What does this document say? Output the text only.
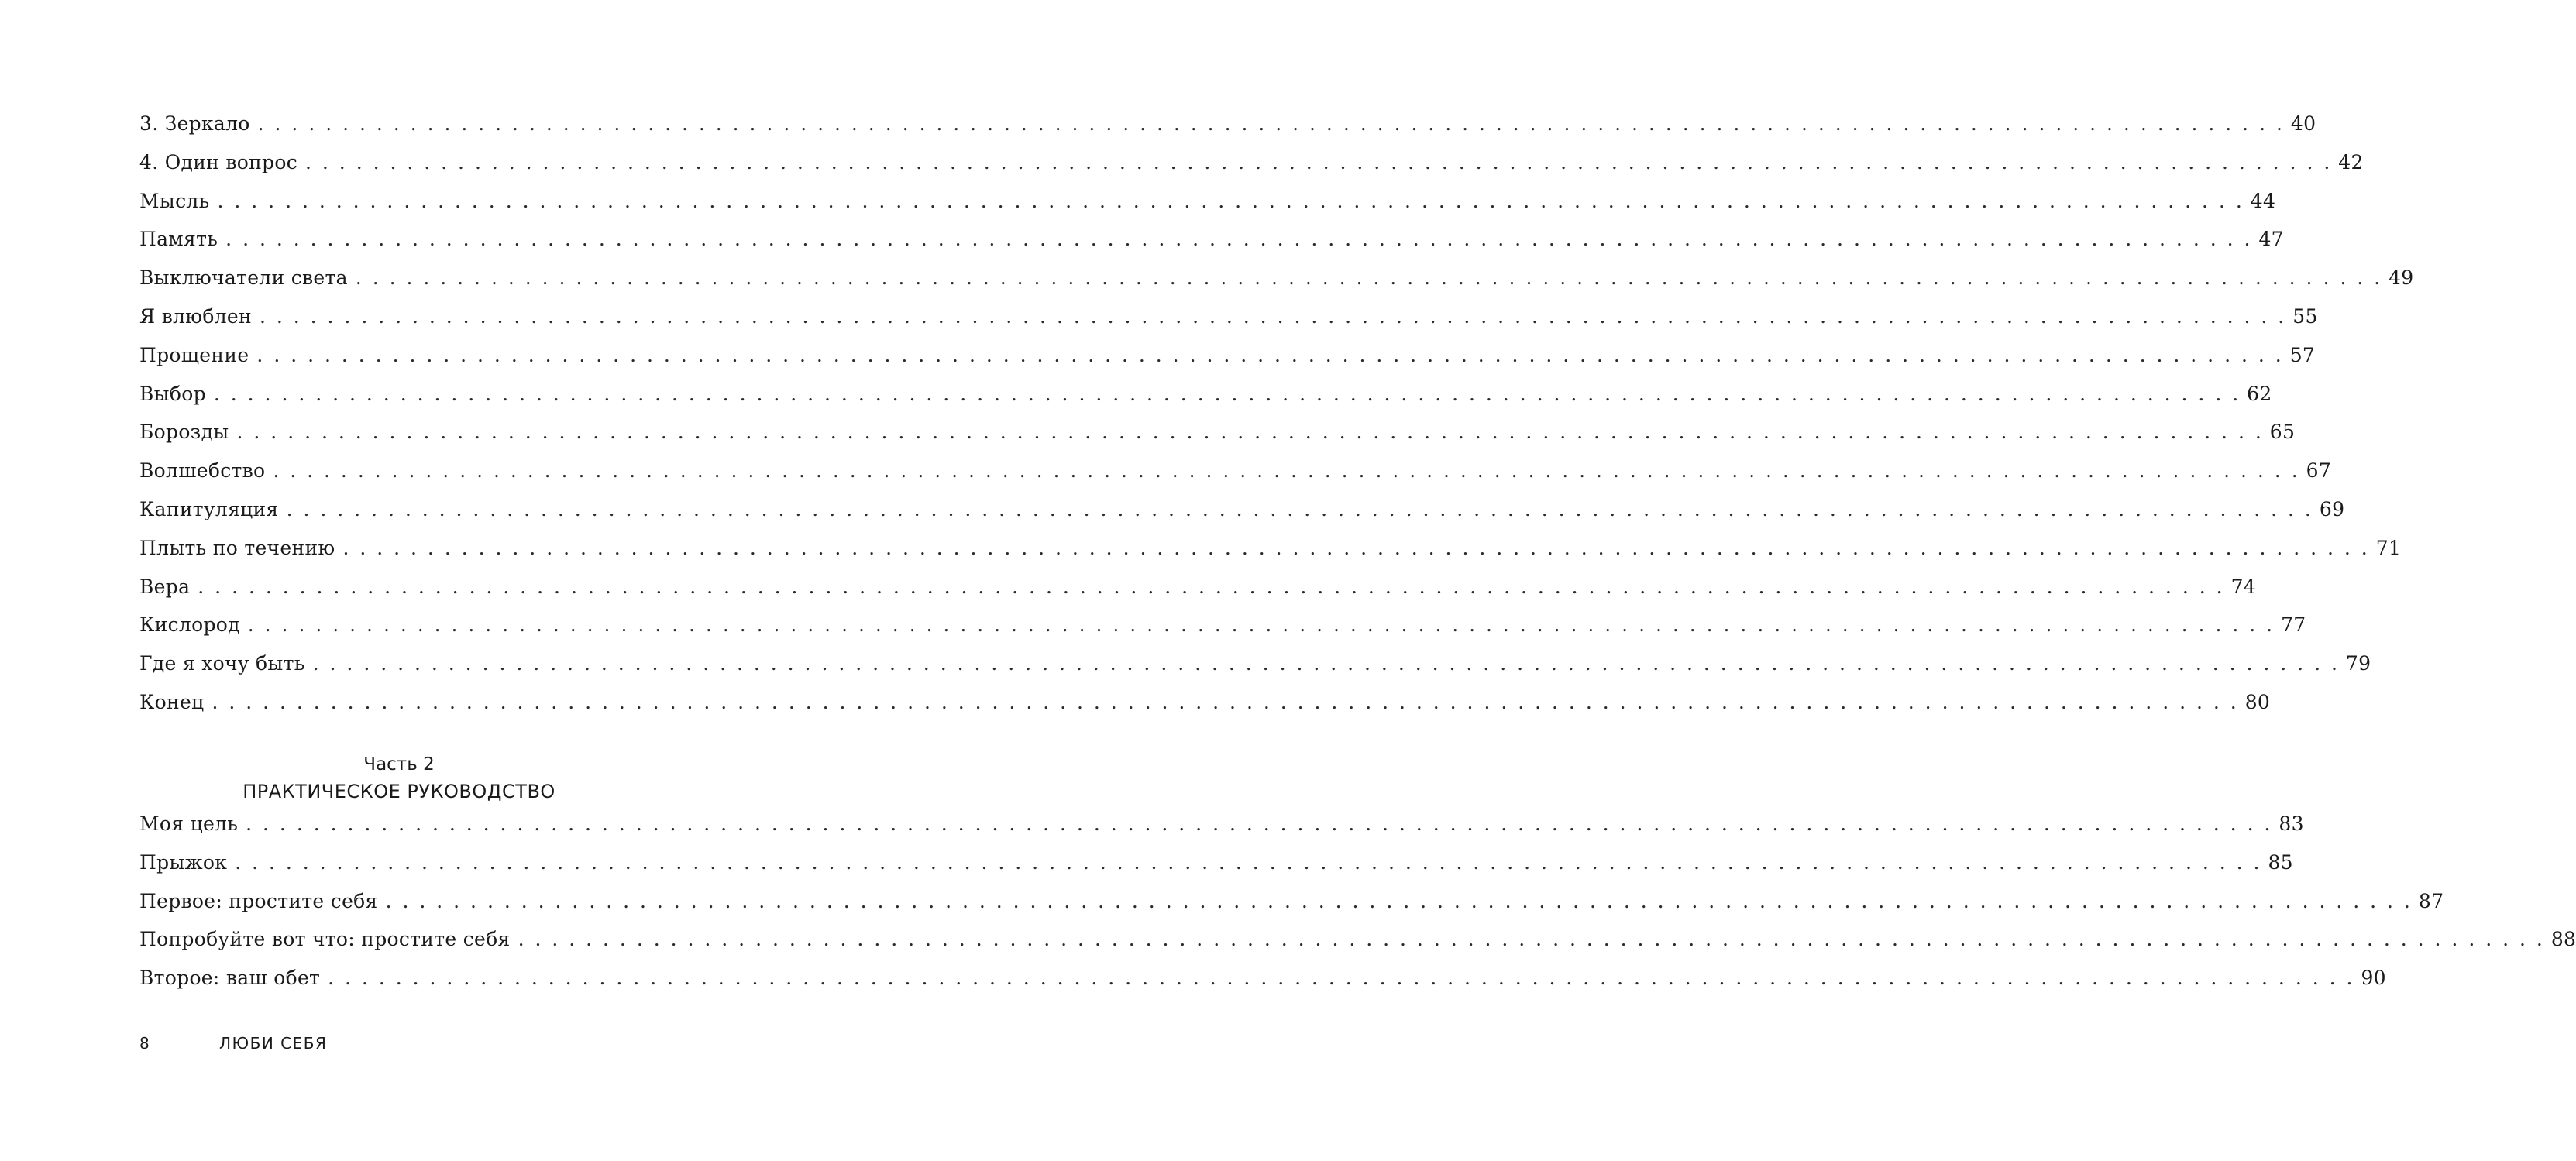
3. Зеркало . . . . . . . . . . . . . . . . . . . . . . . . . . . . . . . . . . . . . . . . . . . . . . . . . . . . . . . . . . . . . . . . . . . . . . . . . . . . . . . . . . . . . . . . . . . . . . . . . . . . . . . . . . . . . . . . . . . . . . . . 40
4. Один вопрос . . . . . . . . . . . . . . . . . . . . . . . . . . . . . . . . . . . . . . . . . . . . . . . . . . . . . . . . . . . . . . . . . . . . . . . . . . . . . . . . . . . . . . . . . . . . . . . . . . . . . . . . . . . . . . . . . . . . . . . . 42
Мысль . . . . . . . . . . . . . . . . . . . . . . . . . . . . . . . . . . . . . . . . . . . . . . . . . . . . . . . . . . . . . . . . . . . . . . . . . . . . . . . . . . . . . . . . . . . . . . . . . . . . . . . . . . . . . . . . . . . . . . . . 44
Память . . . . . . . . . . . . . . . . . . . . . . . . . . . . . . . . . . . . . . . . . . . . . . . . . . . . . . . . . . . . . . . . . . . . . . . . . . . . . . . . . . . . . . . . . . . . . . . . . . . . . . . . . . . . . . . . . . . . . . . . 47
Выключатели света . . . . . . . . . . . . . . . . . . . . . . . . . . . . . . . . . . . . . . . . . . . . . . . . . . . . . . . . . . . . . . . . . . . . . . . . . . . . . . . . . . . . . . . . . . . . . . . . . . . . . . . . . . . . . . . . . . . . . . . . 49
Я влюблен . . . . . . . . . . . . . . . . . . . . . . . . . . . . . . . . . . . . . . . . . . . . . . . . . . . . . . . . . . . . . . . . . . . . . . . . . . . . . . . . . . . . . . . . . . . . . . . . . . . . . . . . . . . . . . . . . . . . . . . . 55
Прощение . . . . . . . . . . . . . . . . . . . . . . . . . . . . . . . . . . . . . . . . . . . . . . . . . . . . . . . . . . . . . . . . . . . . . . . . . . . . . . . . . . . . . . . . . . . . . . . . . . . . . . . . . . . . . . . . . . . . . . . . 57
Выбор . . . . . . . . . . . . . . . . . . . . . . . . . . . . . . . . . . . . . . . . . . . . . . . . . . . . . . . . . . . . . . . . . . . . . . . . . . . . . . . . . . . . . . . . . . . . . . . . . . . . . . . . . . . . . . . . . . . . . . . . 62
Борозды . . . . . . . . . . . . . . . . . . . . . . . . . . . . . . . . . . . . . . . . . . . . . . . . . . . . . . . . . . . . . . . . . . . . . . . . . . . . . . . . . . . . . . . . . . . . . . . . . . . . . . . . . . . . . . . . . . . . . . . . 65
Волшебство . . . . . . . . . . . . . . . . . . . . . . . . . . . . . . . . . . . . . . . . . . . . . . . . . . . . . . . . . . . . . . . . . . . . . . . . . . . . . . . . . . . . . . . . . . . . . . . . . . . . . . . . . . . . . . . . . . . . . . . . 67
Капитуляция . . . . . . . . . . . . . . . . . . . . . . . . . . . . . . . . . . . . . . . . . . . . . . . . . . . . . . . . . . . . . . . . . . . . . . . . . . . . . . . . . . . . . . . . . . . . . . . . . . . . . . . . . . . . . . . . . . . . . . . . 69
Плыть по течению . . . . . . . . . . . . . . . . . . . . . . . . . . . . . . . . . . . . . . . . . . . . . . . . . . . . . . . . . . . . . . . . . . . . . . . . . . . . . . . . . . . . . . . . . . . . . . . . . . . . . . . . . . . . . . . . . . . . . . . . 71
Вера . . . . . . . . . . . . . . . . . . . . . . . . . . . . . . . . . . . . . . . . . . . . . . . . . . . . . . . . . . . . . . . . . . . . . . . . . . . . . . . . . . . . . . . . . . . . . . . . . . . . . . . . . . . . . . . . . . . . . . . . 74
Кислород . . . . . . . . . . . . . . . . . . . . . . . . . . . . . . . . . . . . . . . . . . . . . . . . . . . . . . . . . . . . . . . . . . . . . . . . . . . . . . . . . . . . . . . . . . . . . . . . . . . . . . . . . . . . . . . . . . . . . . . . 77
Где я хочу быть . . . . . . . . . . . . . . . . . . . . . . . . . . . . . . . . . . . . . . . . . . . . . . . . . . . . . . . . . . . . . . . . . . . . . . . . . . . . . . . . . . . . . . . . . . . . . . . . . . . . . . . . . . . . . . . . . . . . . . . . 79
Конец . . . . . . . . . . . . . . . . . . . . . . . . . . . . . . . . . . . . . . . . . . . . . . . . . . . . . . . . . . . . . . . . . . . . . . . . . . . . . . . . . . . . . . . . . . . . . . . . . . . . . . . . . . . . . . . . . . . . . . . . 80
Часть 2
ПРАКТИЧЕСКОЕ РУКОВОДСТВО
Моя цель . . . . . . . . . . . . . . . . . . . . . . . . . . . . . . . . . . . . . . . . . . . . . . . . . . . . . . . . . . . . . . . . . . . . . . . . . . . . . . . . . . . . . . . . . . . . . . . . . . . . . . . . . . . . . . . . . . . . . . . . 83
Прыжок . . . . . . . . . . . . . . . . . . . . . . . . . . . . . . . . . . . . . . . . . . . . . . . . . . . . . . . . . . . . . . . . . . . . . . . . . . . . . . . . . . . . . . . . . . . . . . . . . . . . . . . . . . . . . . . . . . . . . . . . 85
Первое: простите себя . . . . . . . . . . . . . . . . . . . . . . . . . . . . . . . . . . . . . . . . . . . . . . . . . . . . . . . . . . . . . . . . . . . . . . . . . . . . . . . . . . . . . . . . . . . . . . . . . . . . . . . . . . . . . . . . . . . . . . . . 87
Попробуйте вот что: простите себя . . . . . . . . . . . . . . . . . . . . . . . . . . . . . . . . . . . . . . . . . . . . . . . . . . . . . . . . . . . . . . . . . . . . . . . . . . . . . . . . . . . . . . . . . . . . . . . . . . . . . . . . . . . . . . . . . . . . . . . . 88
Второе: ваш обет . . . . . . . . . . . . . . . . . . . . . . . . . . . . . . . . . . . . . . . . . . . . . . . . . . . . . . . . . . . . . . . . . . . . . . . . . . . . . . . . . . . . . . . . . . . . . . . . . . . . . . . . . . . . . . . . . . . . . . . . 90
8	ЛЮБИ СЕБЯ
